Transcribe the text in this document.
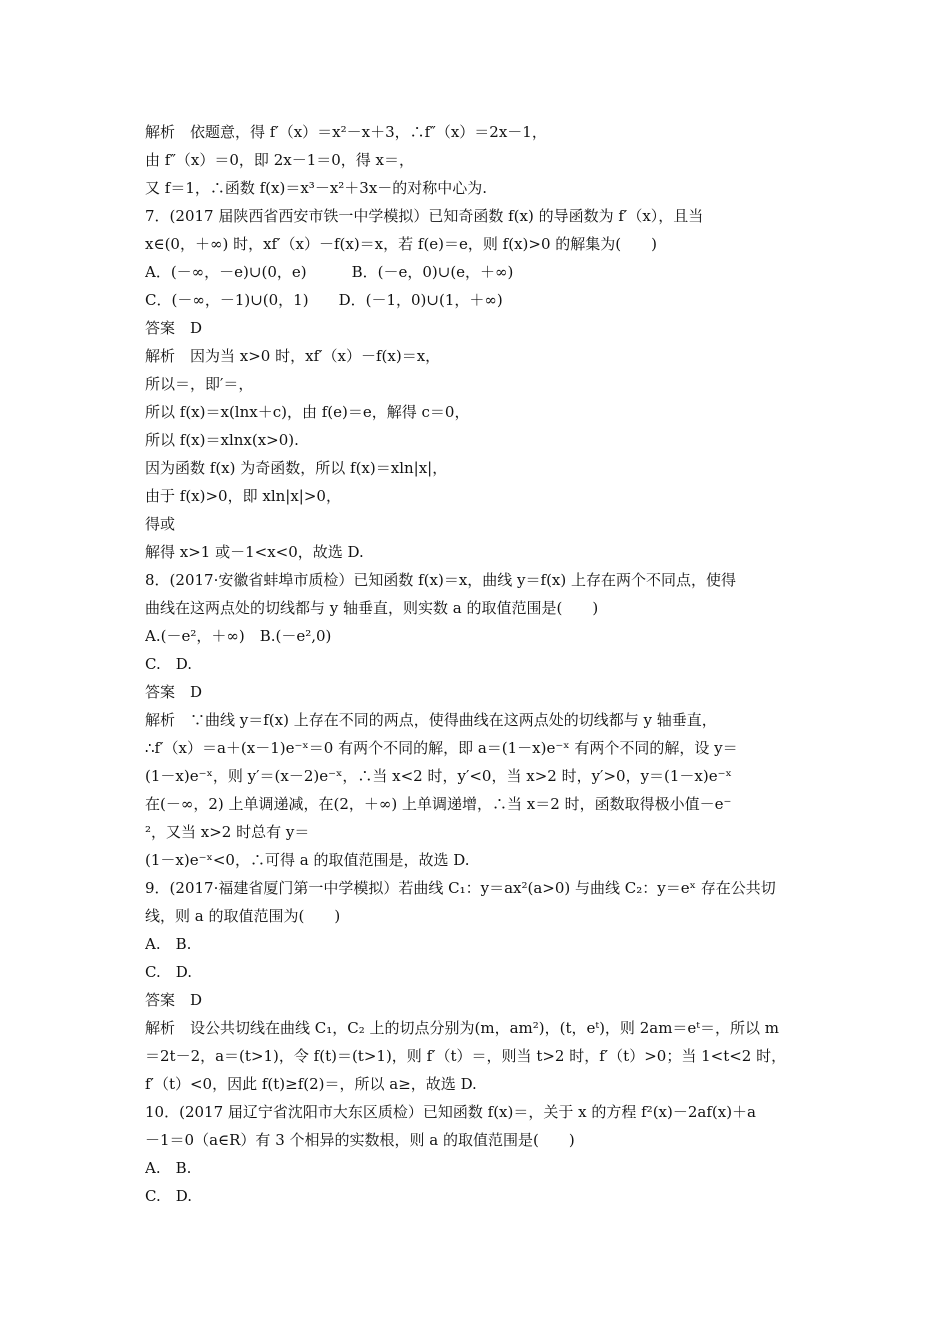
解析　依题意，得 f′（x）＝x²－x＋3，∴f″（x）＝2x－1，
由 f″（x）＝0，即 2x－1＝0，得 x＝，
又 f＝1，∴函数 f(x)＝x³－x²＋3x－的对称中心为.
7．(2017 届陕西省西安市铁一中学模拟）已知奇函数 f(x) 的导函数为 f′（x），且当
x∈(0，＋∞) 时，xf′（x）－f(x)＝x，若 f(e)＝e，则 f(x)>0 的解集为(　　)
A．(－∞，－e)∪(0，e)　　　B．(－e，0)∪(e，＋∞)
C．(－∞，－1)∪(0，1)　　D．(－1，0)∪(1，＋∞)
答案　D
解析　因为当 x>0 时，xf′（x）－f(x)＝x，
所以＝，即′＝，
所以 f(x)＝x(lnx＋c)，由 f(e)＝e，解得 c＝0，
所以 f(x)＝xlnx(x>0).
因为函数 f(x) 为奇函数，所以 f(x)＝xln|x|，
由于 f(x)>0，即 xln|x|>0，
得或
解得 x>1 或－1<x<0，故选 D.
8．(2017·安徽省蚌埠市质检）已知函数 f(x)＝x，曲线 y＝f(x) 上存在两个不同点，使得
曲线在这两点处的切线都与 y 轴垂直，则实数 a 的取值范围是(　　)
A.(－e²，＋∞)　B.(－e²,0)
C.　D.
答案　D
解析　∵曲线 y＝f(x) 上存在不同的两点，使得曲线在这两点处的切线都与 y 轴垂直，
∴f′（x）＝a＋(x－1)e⁻ˣ＝0 有两个不同的解，即 a＝(1－x)e⁻ˣ 有两个不同的解，设 y＝
(1－x)e⁻ˣ，则 y′＝(x－2)e⁻ˣ，∴当 x<2 时，y′<0，当 x>2 时，y′>0，y＝(1－x)e⁻ˣ
在(－∞，2) 上单调递减，在(2，＋∞) 上单调递增，∴当 x＝2 时，函数取得极小值－e⁻
²，又当 x>2 时总有 y＝
(1－x)e⁻ˣ<0，∴可得 a 的取值范围是，故选 D.
9．(2017·福建省厦门第一中学模拟）若曲线 C₁：y＝ax²(a>0) 与曲线 C₂：y＝eˣ 存在公共切
线，则 a 的取值范围为(　　)
A.　B.
C.　D.
答案　D
解析　设公共切线在曲线 C₁，C₂ 上的切点分别为(m，am²)，(t，eᵗ)，则 2am＝eᵗ＝，所以 m
＝2t－2，a＝(t>1)，令 f(t)＝(t>1)，则 f′（t）＝，则当 t>2 时，f′（t）>0；当 1<t<2 时，
f′（t）<0，因此 f(t)≥f(2)＝，所以 a≥，故选 D.
10．(2017 届辽宁省沈阳市大东区质检）已知函数 f(x)＝，关于 x 的方程 f²(x)－2af(x)＋a
－1＝0（a∈R）有 3 个相异的实数根，则 a 的取值范围是(　　)
A.　B.
C.　D.
